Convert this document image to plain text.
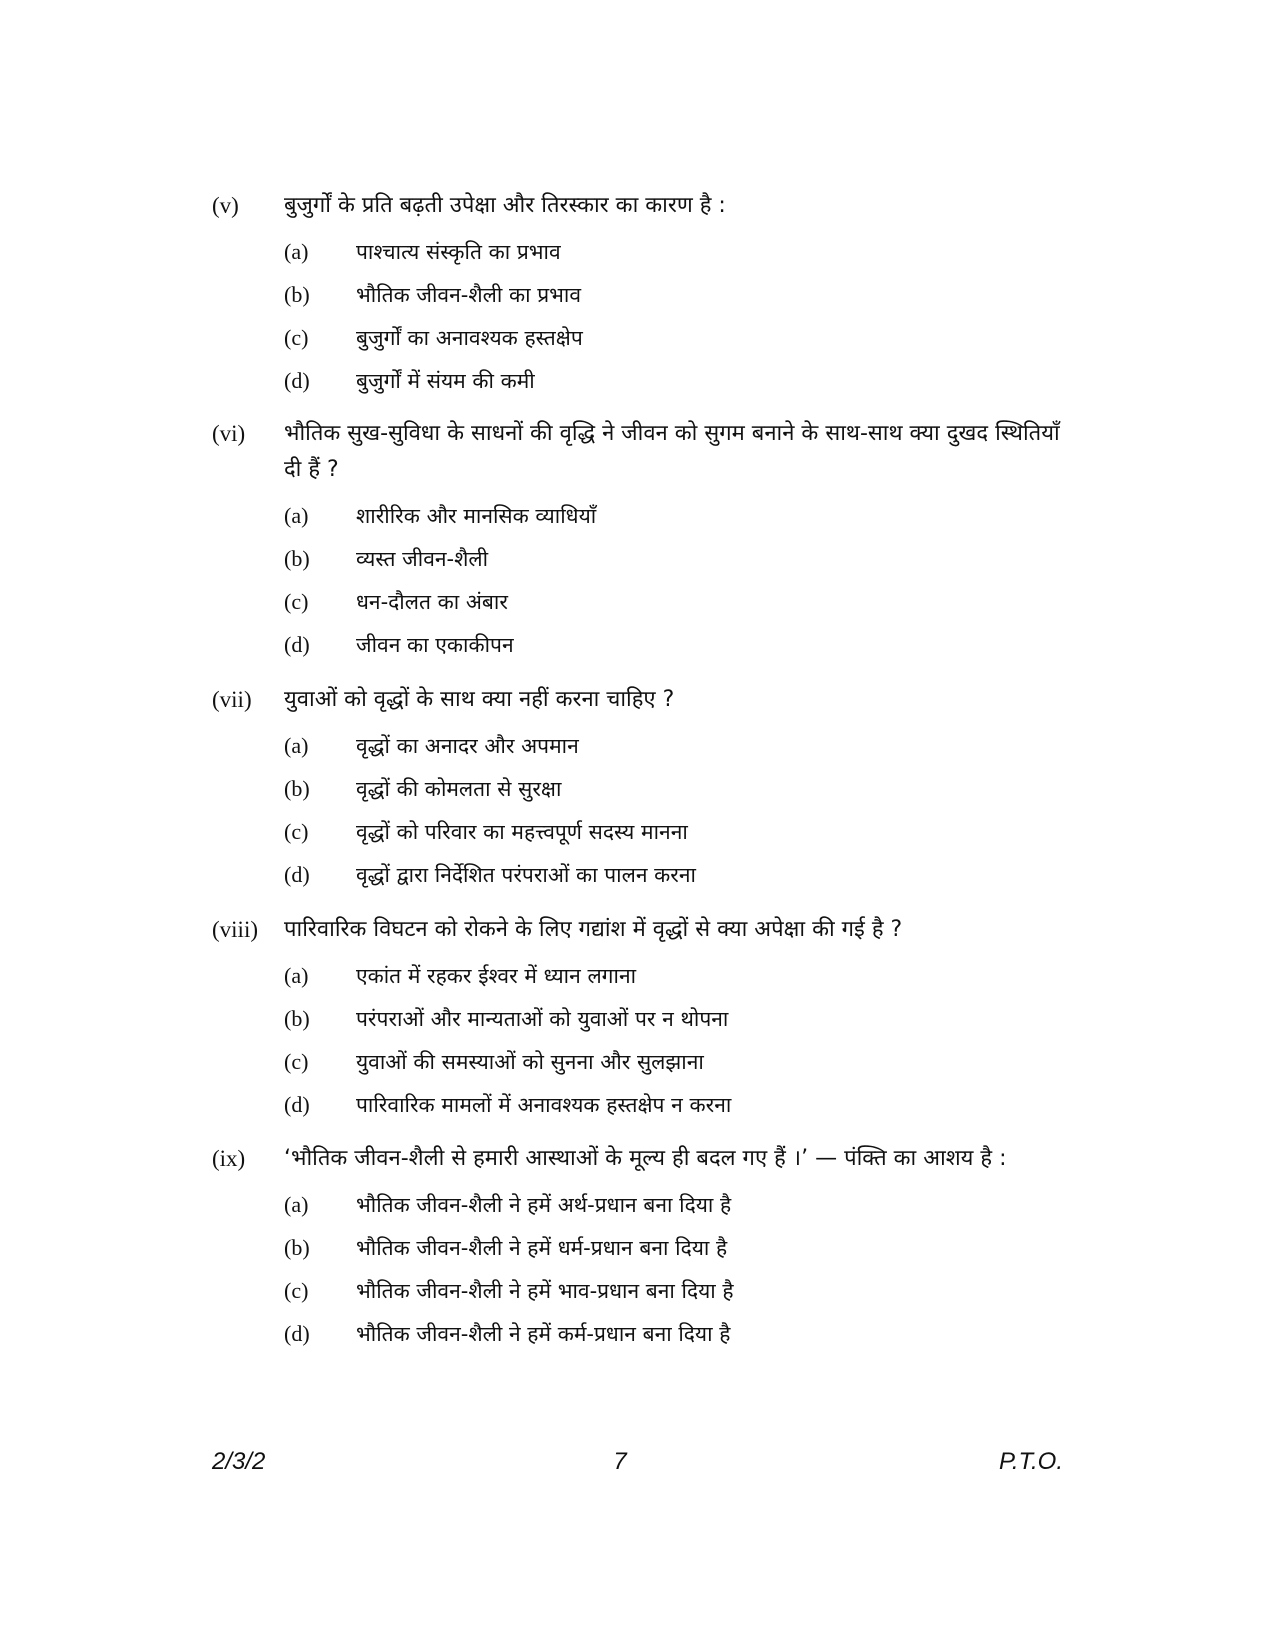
(v)	बुजुर्गों के प्रति बढ़ती उपेक्षा और तिरस्कार का कारण है :
(a)	पाश्चात्य संस्कृति का प्रभाव
(b)	भौतिक जीवन-शैली का प्रभाव
(c)	बुजुर्गों का अनावश्यक हस्तक्षेप
(d)	बुजुर्गों में संयम की कमी
(vi)	भौतिक सुख-सुविधा के साधनों की वृद्धि ने जीवन को सुगम बनाने के साथ-साथ क्या दुखद स्थितियाँ दी हैं ?
(a)	शारीरिक और मानसिक व्याधियाँ
(b)	व्यस्त जीवन-शैली
(c)	धन-दौलत का अंबार
(d)	जीवन का एकाकीपन
(vii)	युवाओं को वृद्धों के साथ क्या नहीं करना चाहिए ?
(a)	वृद्धों का अनादर और अपमान
(b)	वृद्धों की कोमलता से सुरक्षा
(c)	वृद्धों को परिवार का महत्त्वपूर्ण सदस्य मानना
(d)	वृद्धों द्वारा निर्देशित परंपराओं का पालन करना
(viii)	पारिवारिक विघटन को रोकने के लिए गद्यांश में वृद्धों से क्या अपेक्षा की गई है ?
(a)	एकांत में रहकर ईश्वर में ध्यान लगाना
(b)	परंपराओं और मान्यताओं को युवाओं पर न थोपना
(c)	युवाओं की समस्याओं को सुनना और सुलझाना
(d)	पारिवारिक मामलों में अनावश्यक हस्तक्षेप न करना
(ix)	‘भौतिक जीवन-शैली से हमारी आस्थाओं के मूल्य ही बदल गए हैं ।’ — पंक्ति का आशय है :
(a)	भौतिक जीवन-शैली ने हमें अर्थ-प्रधान बना दिया है
(b)	भौतिक जीवन-शैली ने हमें धर्म-प्रधान बना दिया है
(c)	भौतिक जीवन-शैली ने हमें भाव-प्रधान बना दिया है
(d)	भौतिक जीवन-शैली ने हमें कर्म-प्रधान बना दिया है
2/3/2	7	P.T.O.
